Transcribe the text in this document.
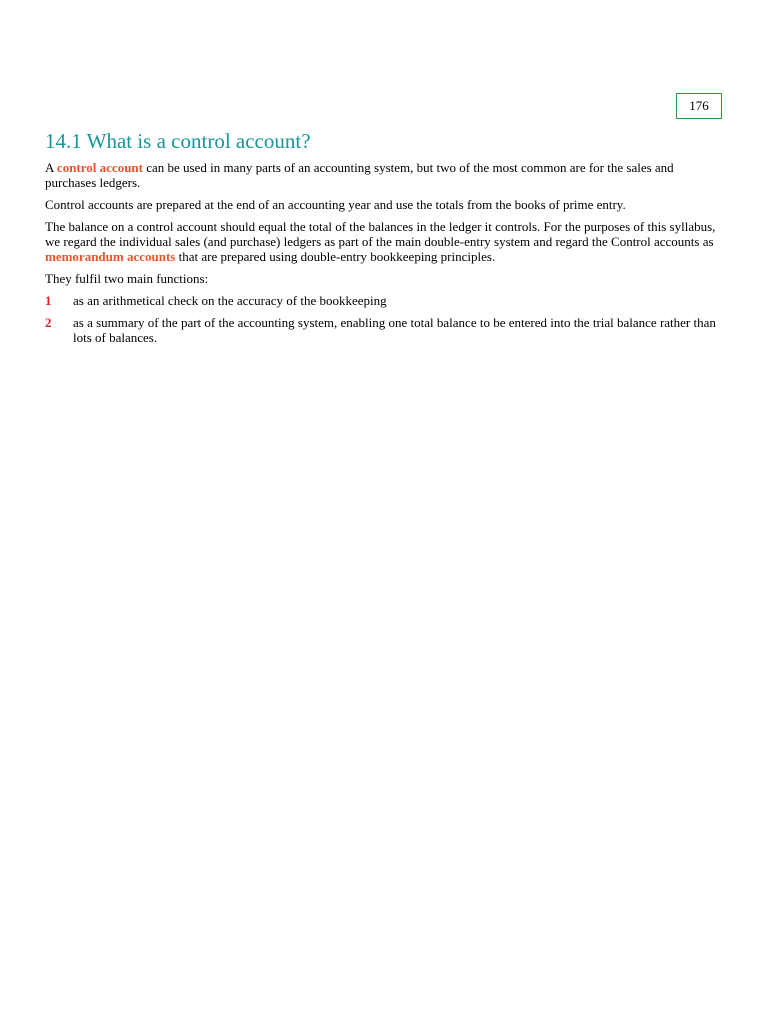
176
14.1 What is a control account?

A control account can be used in many parts of an accounting system, but two of the most common are for the sales and purchases ledgers.

Control accounts are prepared at the end of an accounting year and use the totals from the books of prime entry.

The balance on a control account should equal the total of the balances in the ledger it controls. For the purposes of this syllabus, we regard the individual sales (and purchase) ledgers as part of the main double-entry system and regard the Control accounts as memorandum accounts that are prepared using double-entry bookkeeping principles.

They fulfil two main functions:

1 as an arithmetical check on the accuracy of the bookkeeping
2 as a summary of the part of the accounting system, enabling one total balance to be entered into the trial balance rather than lots of balances.
